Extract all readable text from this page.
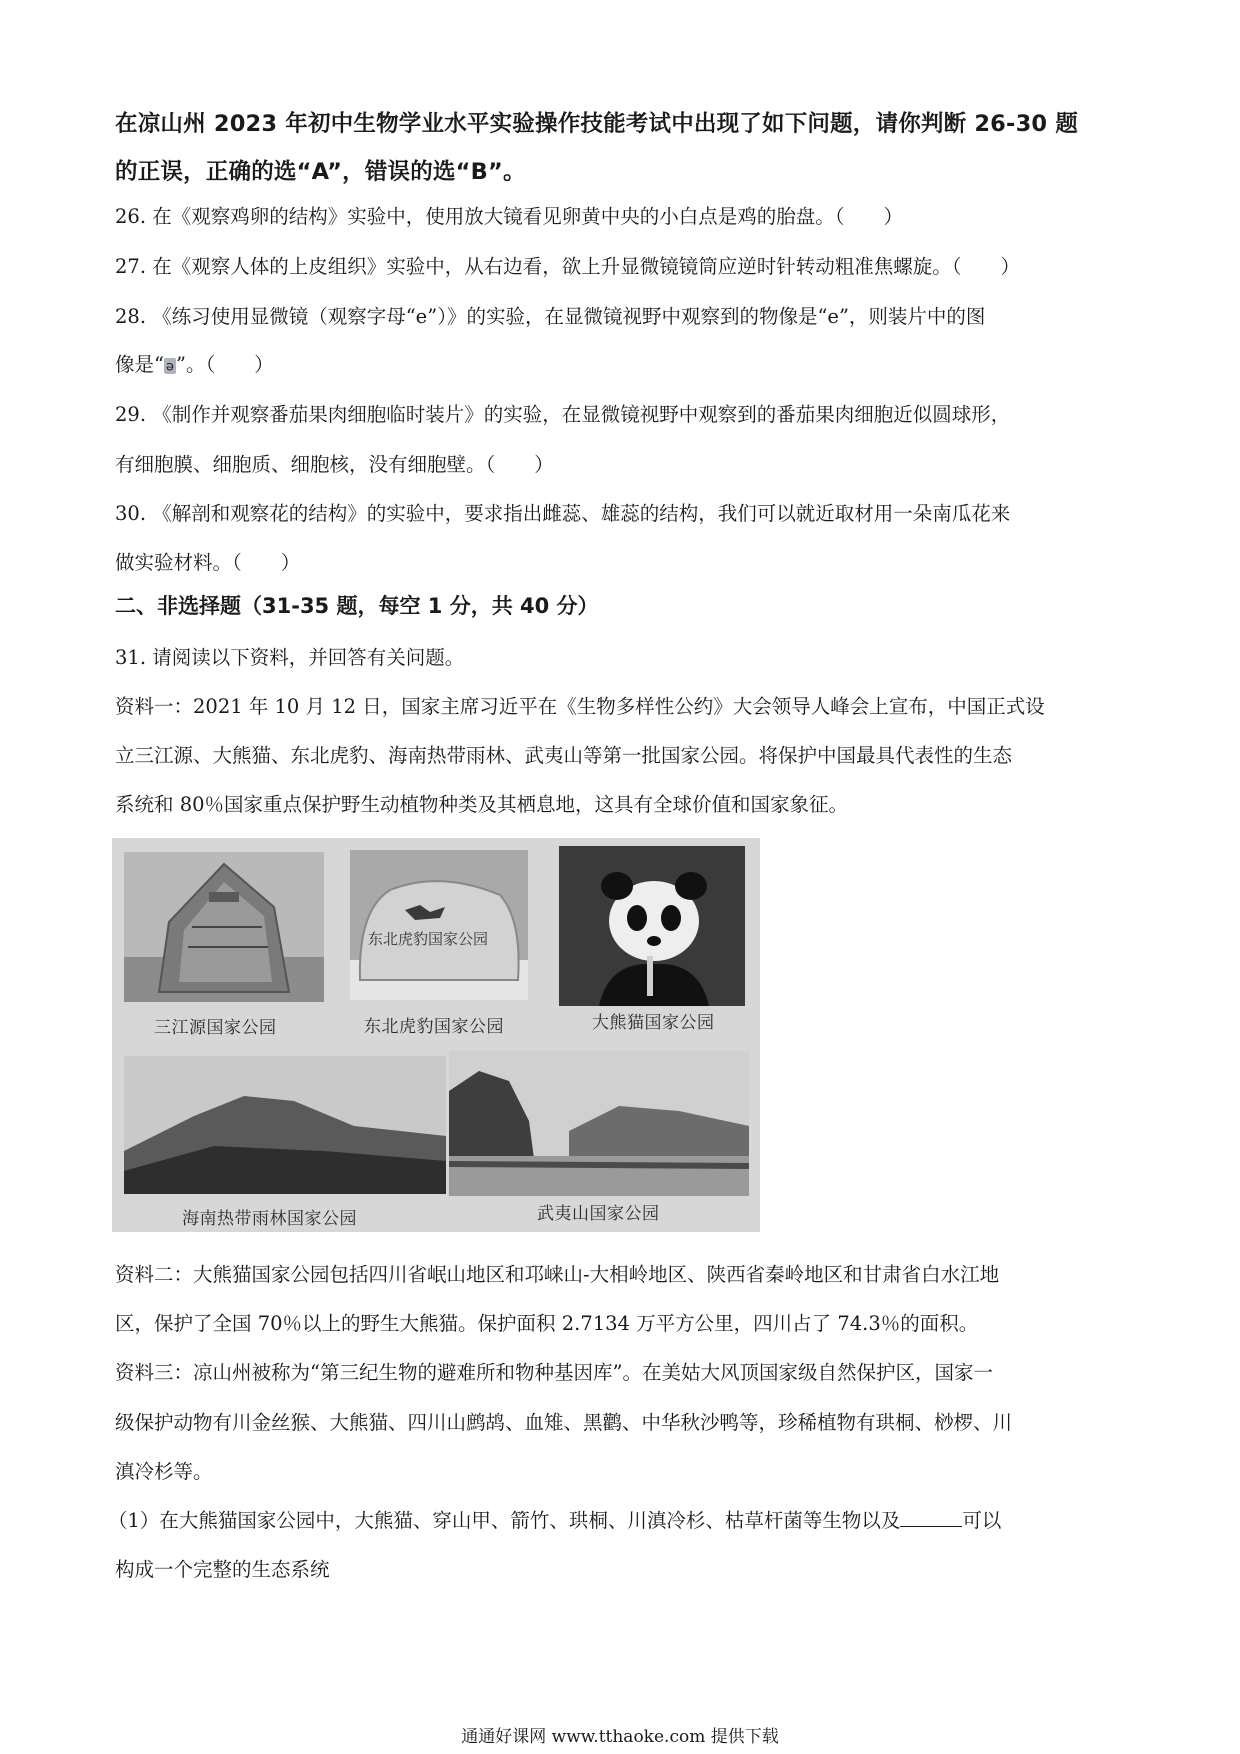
在凉山州 2023 年初中生物学业水平实验操作技能考试中出现了如下问题，请你判断 26-30 题
的正误，正确的选“A”，错误的选“B”。
26. 在《观察鸡卵的结构》实验中，使用放大镜看见卵黄中央的小白点是鸡的胎盘。（　　）
27. 在《观察人体的上皮组织》实验中，从右边看，欲上升显微镜镜筒应逆时针转动粗准焦螺旋。（　　）
28. 《练习使用显微镜（观察字母“e”）》的实验，在显微镜视野中观察到的物像是“e”，则装片中的图
像是“ e ”。（　　）
29. 《制作并观察番茄果肉细胞临时装片》的实验，在显微镜视野中观察到的番茄果肉细胞近似圆球形，
有细胞膜、细胞质、细胞核，没有细胞壁。（　　）
30. 《解剖和观察花的结构》的实验中，要求指出雌蕊、雄蕊的结构，我们可以就近取材用一朵南瓜花来
做实验材料。（　　）
二、非选择题（31-35 题，每空 1 分，共 40 分）
31. 请阅读以下资料，并回答有关问题。
资料一：2021 年 10 月 12 日，国家主席习近平在《生物多样性公约》大会领导人峰会上宣布，中国正式设
立三江源、大熊猫、东北虎豹、海南热带雨林、武夷山等第一批国家公园。将保护中国最具代表性的生态
系统和 80％国家重点保护野生动植物种类及其栖息地，这具有全球价值和国家象征。
东北虎豹国家公园
三江源国家公园	东北虎豹国家公园	大熊猫国家公园
海南热带雨林国家公园	武夷山国家公园
资料二：大熊猫国家公园包括四川省岷山地区和邛崃山-大相岭地区、陕西省秦岭地区和甘肃省白水江地
区，保护了全国 70％以上的野生大熊猫。保护面积 2.7134 万平方公里，四川占了 74.3％的面积。
资料三：凉山州被称为“第三纪生物的避难所和物种基因库”。在美姑大风顶国家级自然保护区，国家一
级保护动物有川金丝猴、大熊猫、四川山鹧鸪、血雉、黑鹳、中华秋沙鸭等，珍稀植物有珙桐、桫椤、川
滇冷杉等。
（1）在大熊猫国家公园中，大熊猫、穿山甲、箭竹、珙桐、川滇冷杉、枯草杆菌等生物以及	可以
构成一个完整的生态系统
通通好课网 www.tthaoke.com 提供下载
